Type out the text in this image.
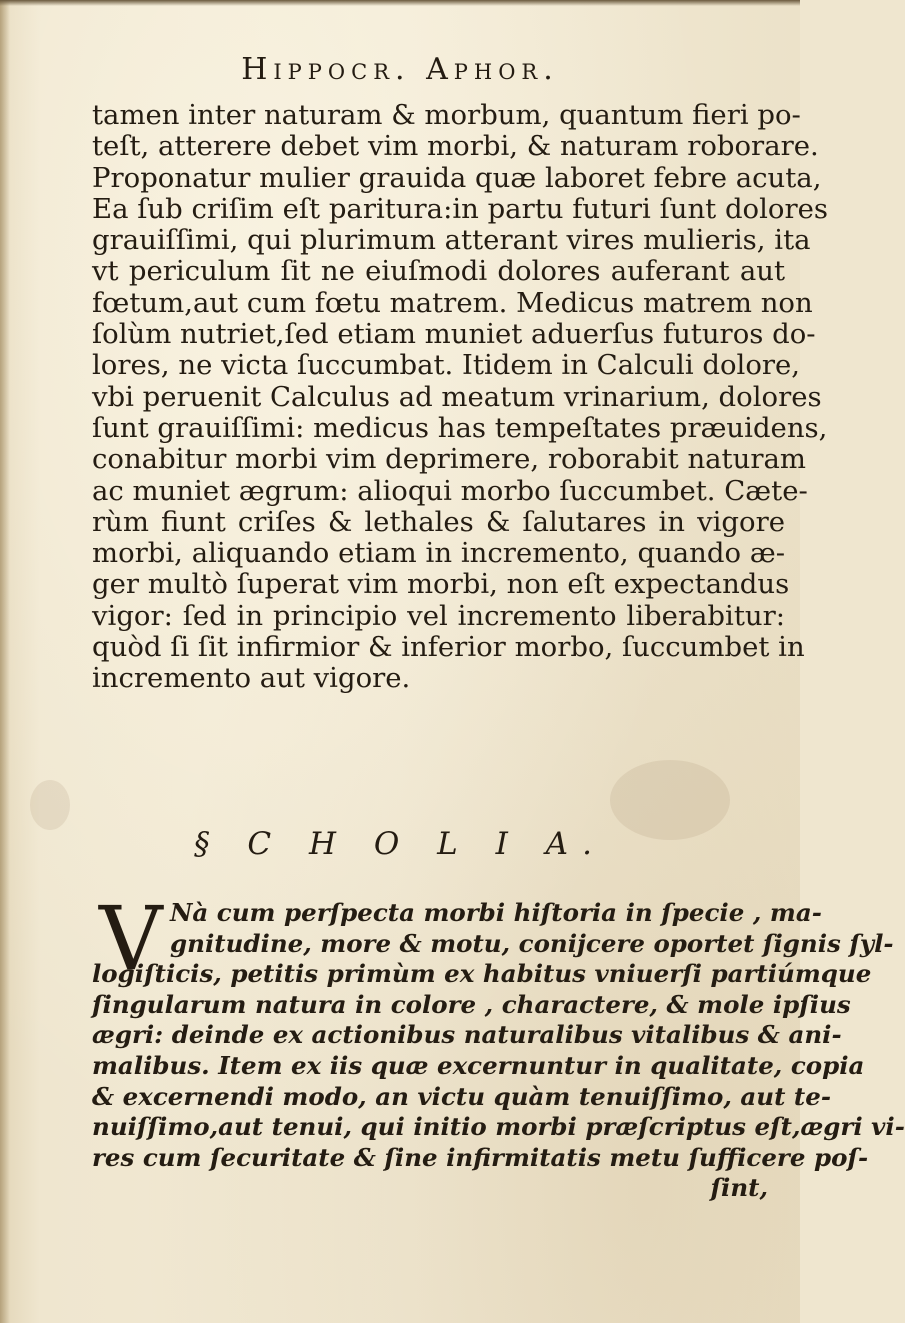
Hippocr. Aphor.
tamen inter naturam & morbum, quantum fieri po-
teſt, atterere debet vim morbi, & naturam roborare.
Proponatur mulier grauida quæ laboret febre acuta,
Ea ſub criſim eſt paritura:in partu futuri ſunt dolores
grauiſſimi, qui plurimum atterant vires mulieris, ita
vt periculum ſit ne eiuſmodi dolores auferant aut
fœtum,aut cum fœtu matrem. Medicus matrem non
ſolùm nutriet,ſed etiam muniet aduerſus futuros do-
lores, ne victa ſuccumbat. Itidem in Calculi dolore,
vbi peruenit Calculus ad meatum vrinarium, dolores
ſunt grauiſſimi: medicus has tempeſtates præuidens,
conabitur morbi vim deprimere, roborabit naturam
ac muniet ægrum: alioqui morbo ſuccumbet. Cæte-
rùm fiunt criſes & lethales & ſalutares in vigore
morbi, aliquando etiam in incremento, quando æ-
ger multò ſuperat vim morbi, non eſt expectandus
vigor: ſed in principio vel incremento liberabitur:
quòd ſi ſit infirmior & inferior morbo, ſuccumbet in
incremento aut vigore.
§ C H O L I A.
V Nà cum perſpecta morbi hiſtoria in ſpecie , ma-
gnitudine, more & motu, conijcere oportet ſignis ſyl-
logiſticis, petitis primùm ex habitus vniuerſi partiúmque
ſingularum natura in colore , charactere, & mole ipſius
ægri: deinde ex actionibus naturalibus vitalibus & ani-
malibus. Item ex iis quæ excernuntur in qualitate, copia
& excernendi modo, an victu quàm tenuiſſimo, aut te-
nuiſſimo,aut tenui, qui initio morbi præſcriptus eſt,ægri vi-
res cum ſecuritate & ſine infirmitatis metu ſufficere poſ-
ſint,
